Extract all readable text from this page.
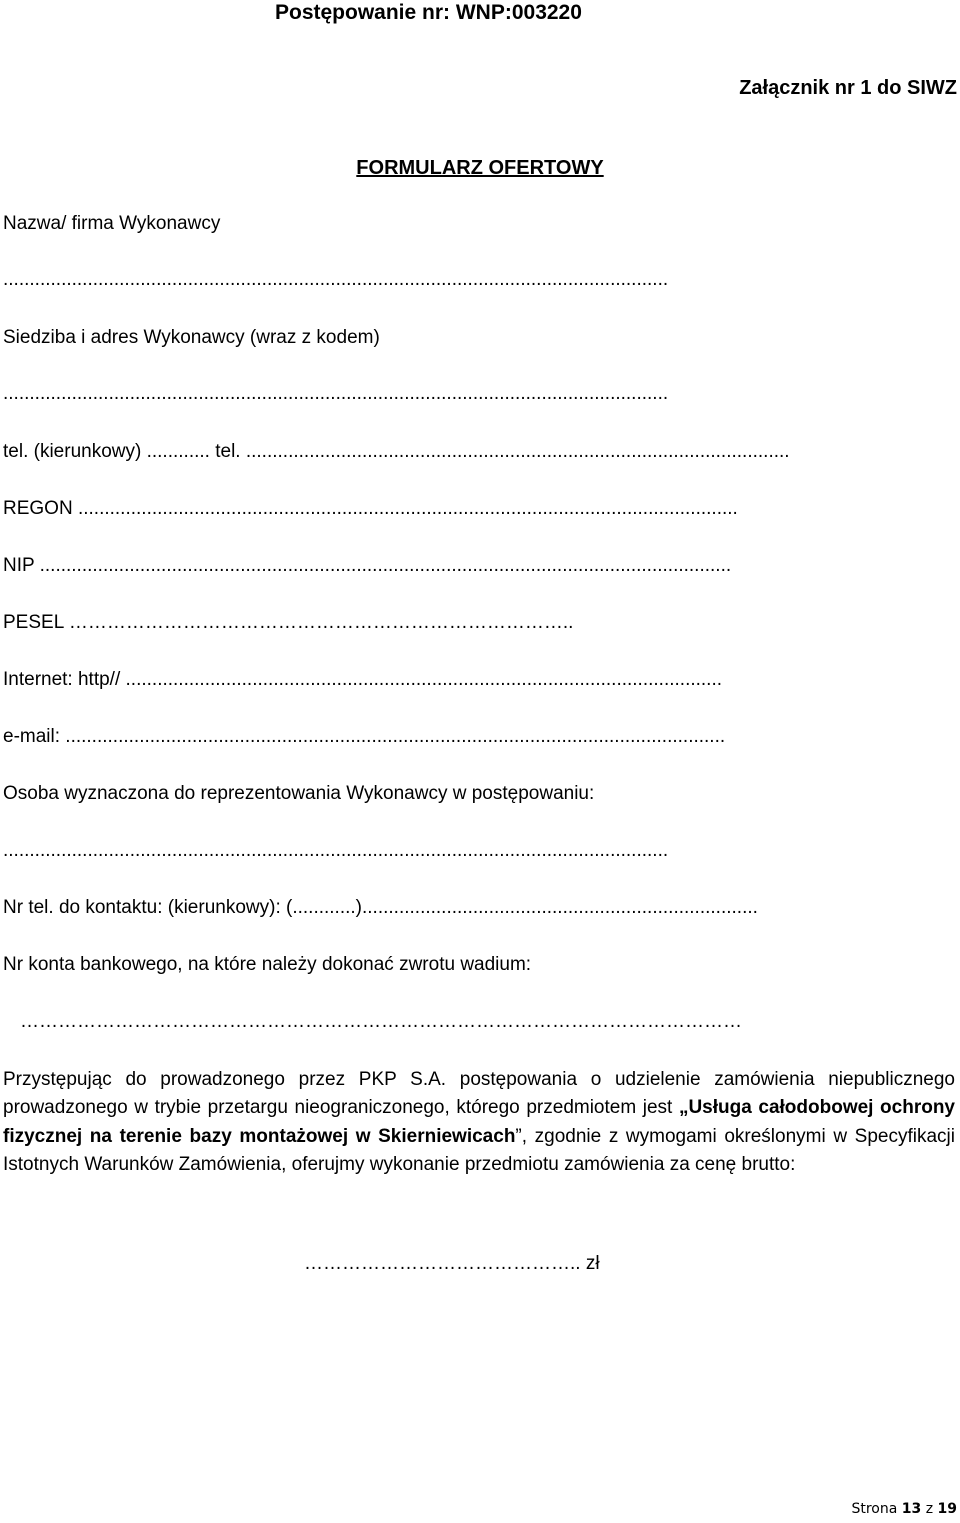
Postępowanie nr: WNP:003220
Załącznik nr 1 do SIWZ
FORMULARZ OFERTOWY
Nazwa/ firma Wykonawcy
..............................................................................................................................
Siedziba i adres Wykonawcy (wraz z kodem)
..............................................................................................................................
tel. (kierunkowy) ............ tel. .......................................................................................................
REGON .............................................................................................................................
NIP ...................................................................................................................................
PESEL ……………………………………………………………………..
Internet: http// .................................................................................................................
e-mail: .............................................................................................................................
Osoba wyznaczona do reprezentowania Wykonawcy w postępowaniu:
..............................................................................................................................
Nr tel. do kontaktu: (kierunkowy): (............)...........................................................................
Nr konta bankowego, na które należy dokonać zwrotu wadium:
……………………………………………………………………………………………………
Przystępując do prowadzonego przez PKP S.A. postępowania o udzielenie zamówienia niepublicznego prowadzonego w trybie przetargu nieograniczonego, którego przedmiotem jest „Usługa całodobowej ochrony fizycznej na terenie bazy montażowej w Skierniewicach”, zgodnie z wymogami określonymi w Specyfikacji Istotnych Warunków Zamówienia, oferujmy wykonanie przedmiotu zamówienia za cenę brutto:
…………………………………….. zł
Strona 13 z 19
